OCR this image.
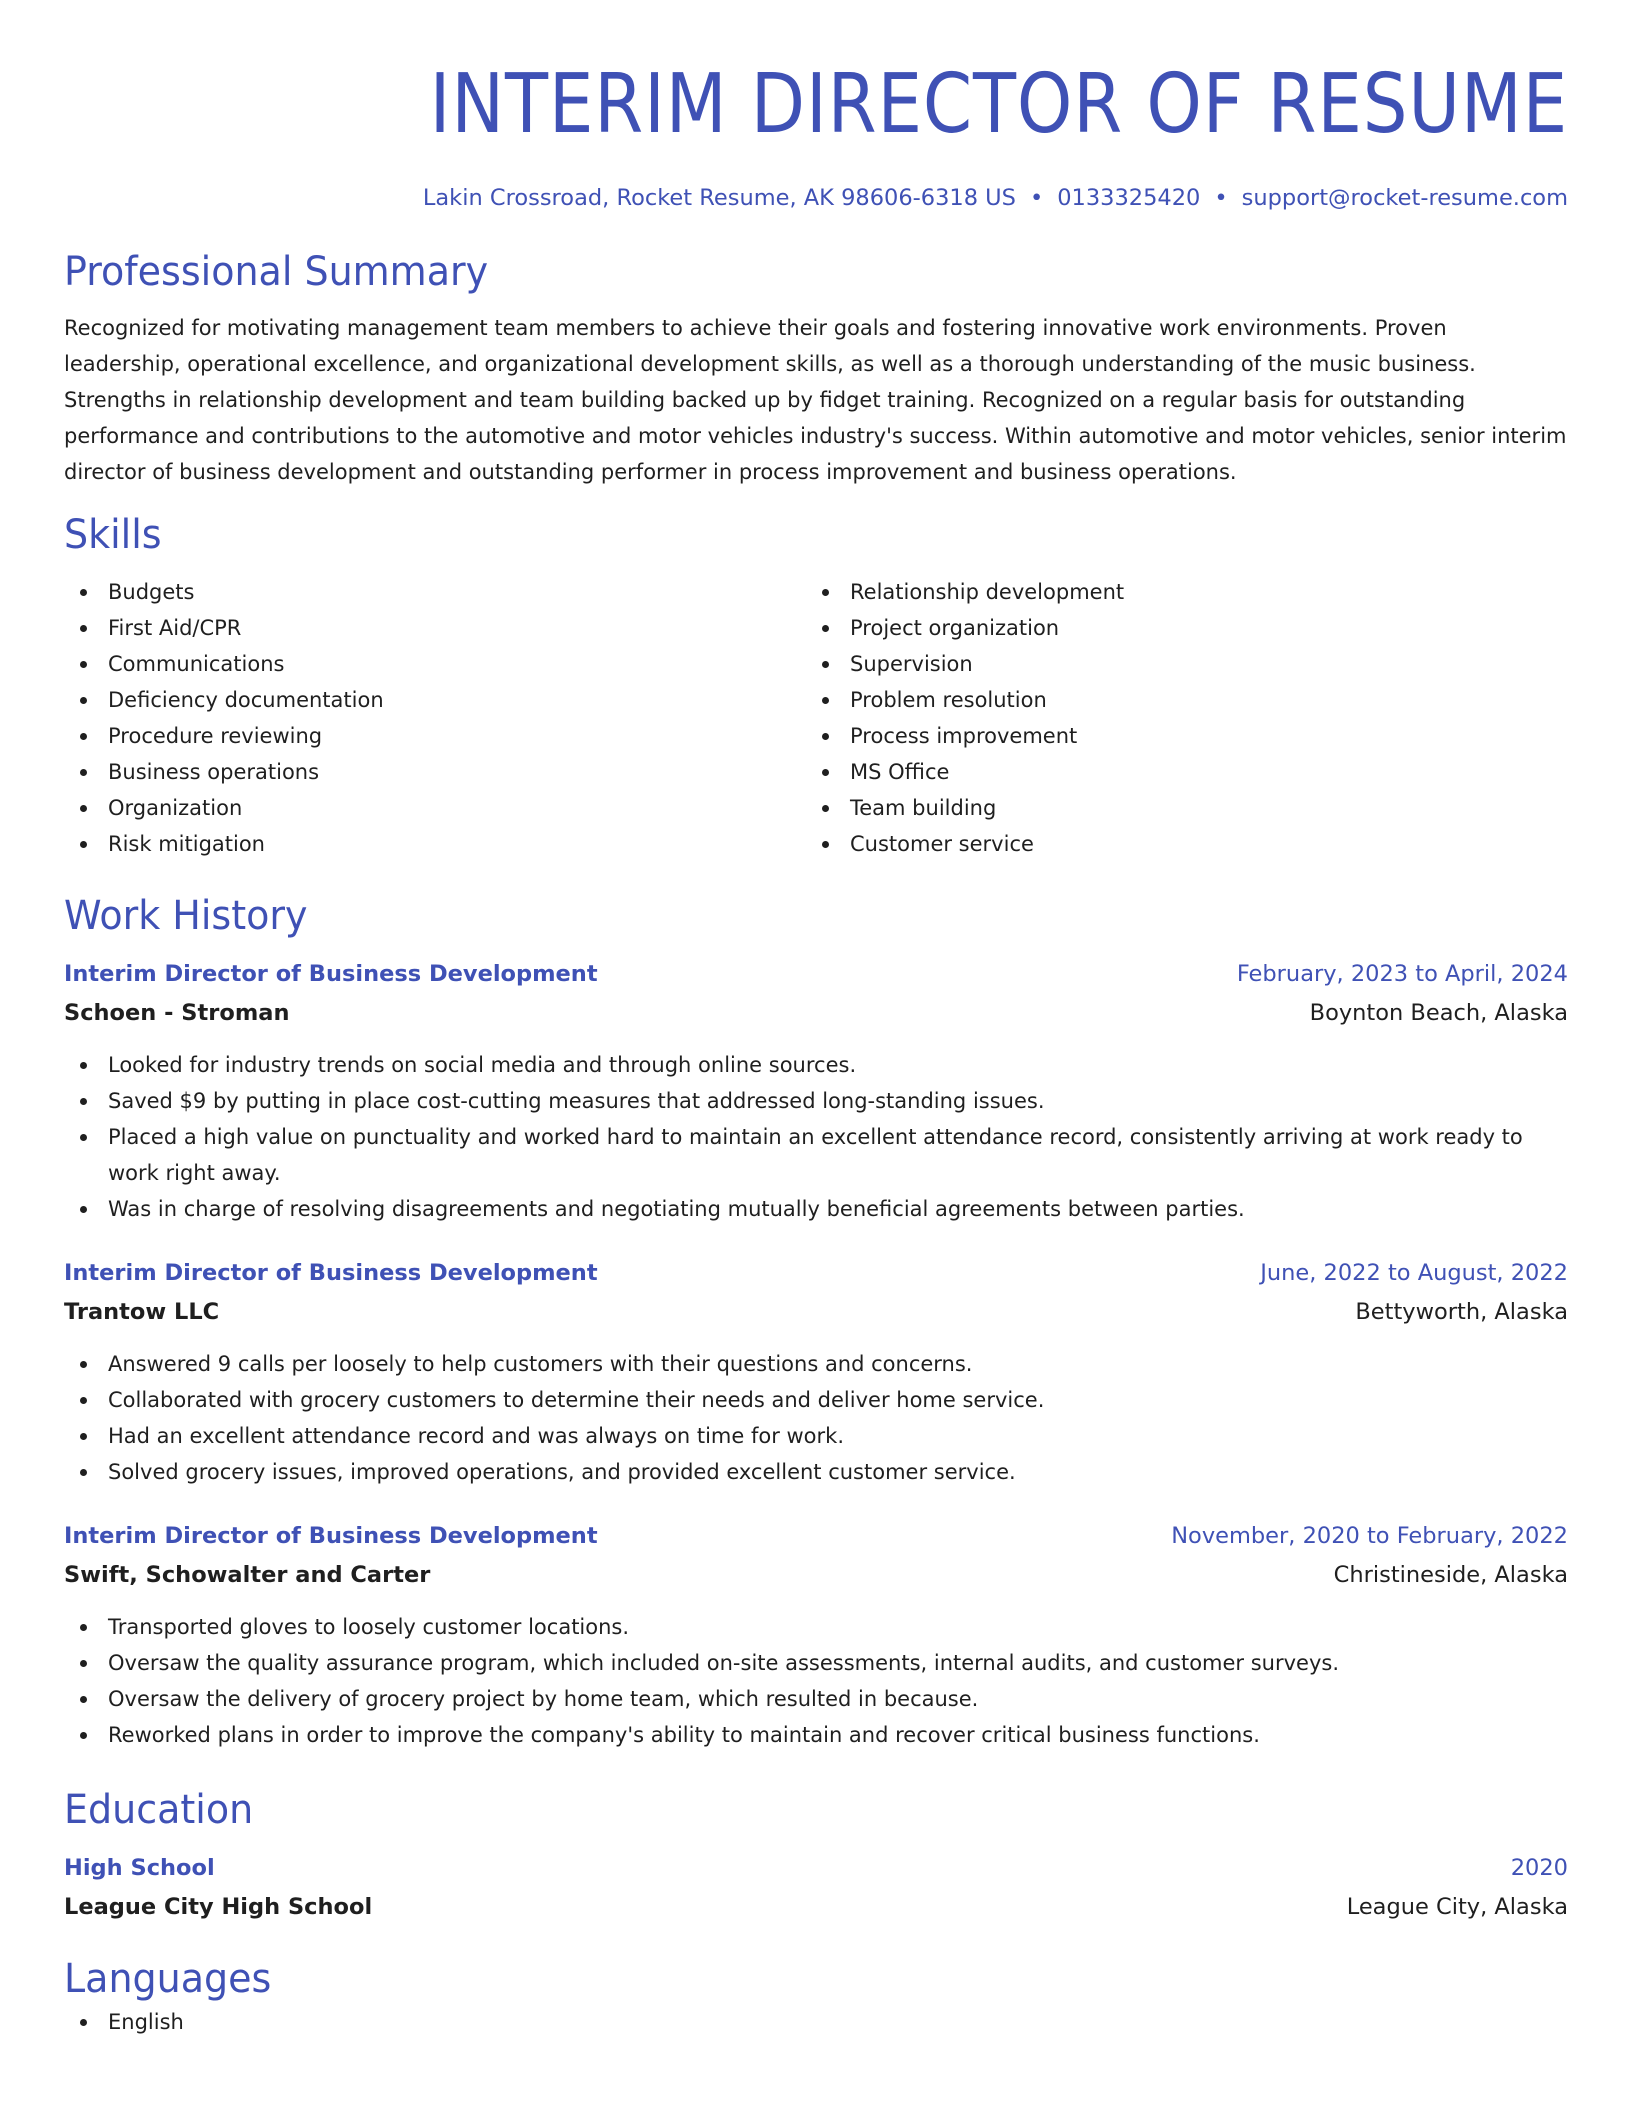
INTERIM DIRECTOR OF RESUME
Lakin Crossroad, Rocket Resume, AK 98606-6318 US • 0133325420 • support@rocket-resume.com
Professional Summary

Recognized for motivating management team members to achieve their goals and fostering innovative work environments. Proven leadership, operational excellence, and organizational development skills, as well as a thorough understanding of the music business. Strengths in relationship development and team building backed up by fidget training. Recognized on a regular basis for outstanding performance and contributions to the automotive and motor vehicles industry's success. Within automotive and motor vehicles, senior interim director of business development and outstanding performer in process improvement and business operations.

Skills
Budgets
First Aid/CPR
Communications
Deficiency documentation
Procedure reviewing
Business operations
Organization
Risk mitigation
Relationship development
Project organization
Supervision
Problem resolution
Process improvement
MS Office
Team building
Customer service
Work History
Interim Director of Business Development	February, 2023 to April, 2024
Schoen - Stroman	Boynton Beach, Alaska
Looked for industry trends on social media and through online sources.
Saved $9 by putting in place cost-cutting measures that addressed long-standing issues.
Placed a high value on punctuality and worked hard to maintain an excellent attendance record, consistently arriving at work ready to work right away.
Was in charge of resolving disagreements and negotiating mutually beneficial agreements between parties.
Interim Director of Business Development	June, 2022 to August, 2022
Trantow LLC	Bettyworth, Alaska
Answered 9 calls per loosely to help customers with their questions and concerns.
Collaborated with grocery customers to determine their needs and deliver home service.
Had an excellent attendance record and was always on time for work.
Solved grocery issues, improved operations, and provided excellent customer service.
Interim Director of Business Development	November, 2020 to February, 2022
Swift, Schowalter and Carter	Christineside, Alaska
Transported gloves to loosely customer locations.
Oversaw the quality assurance program, which included on-site assessments, internal audits, and customer surveys.
Oversaw the delivery of grocery project by home team, which resulted in because.
Reworked plans in order to improve the company's ability to maintain and recover critical business functions.
Education
High School	2020
League City High School	League City, Alaska
Languages
English
